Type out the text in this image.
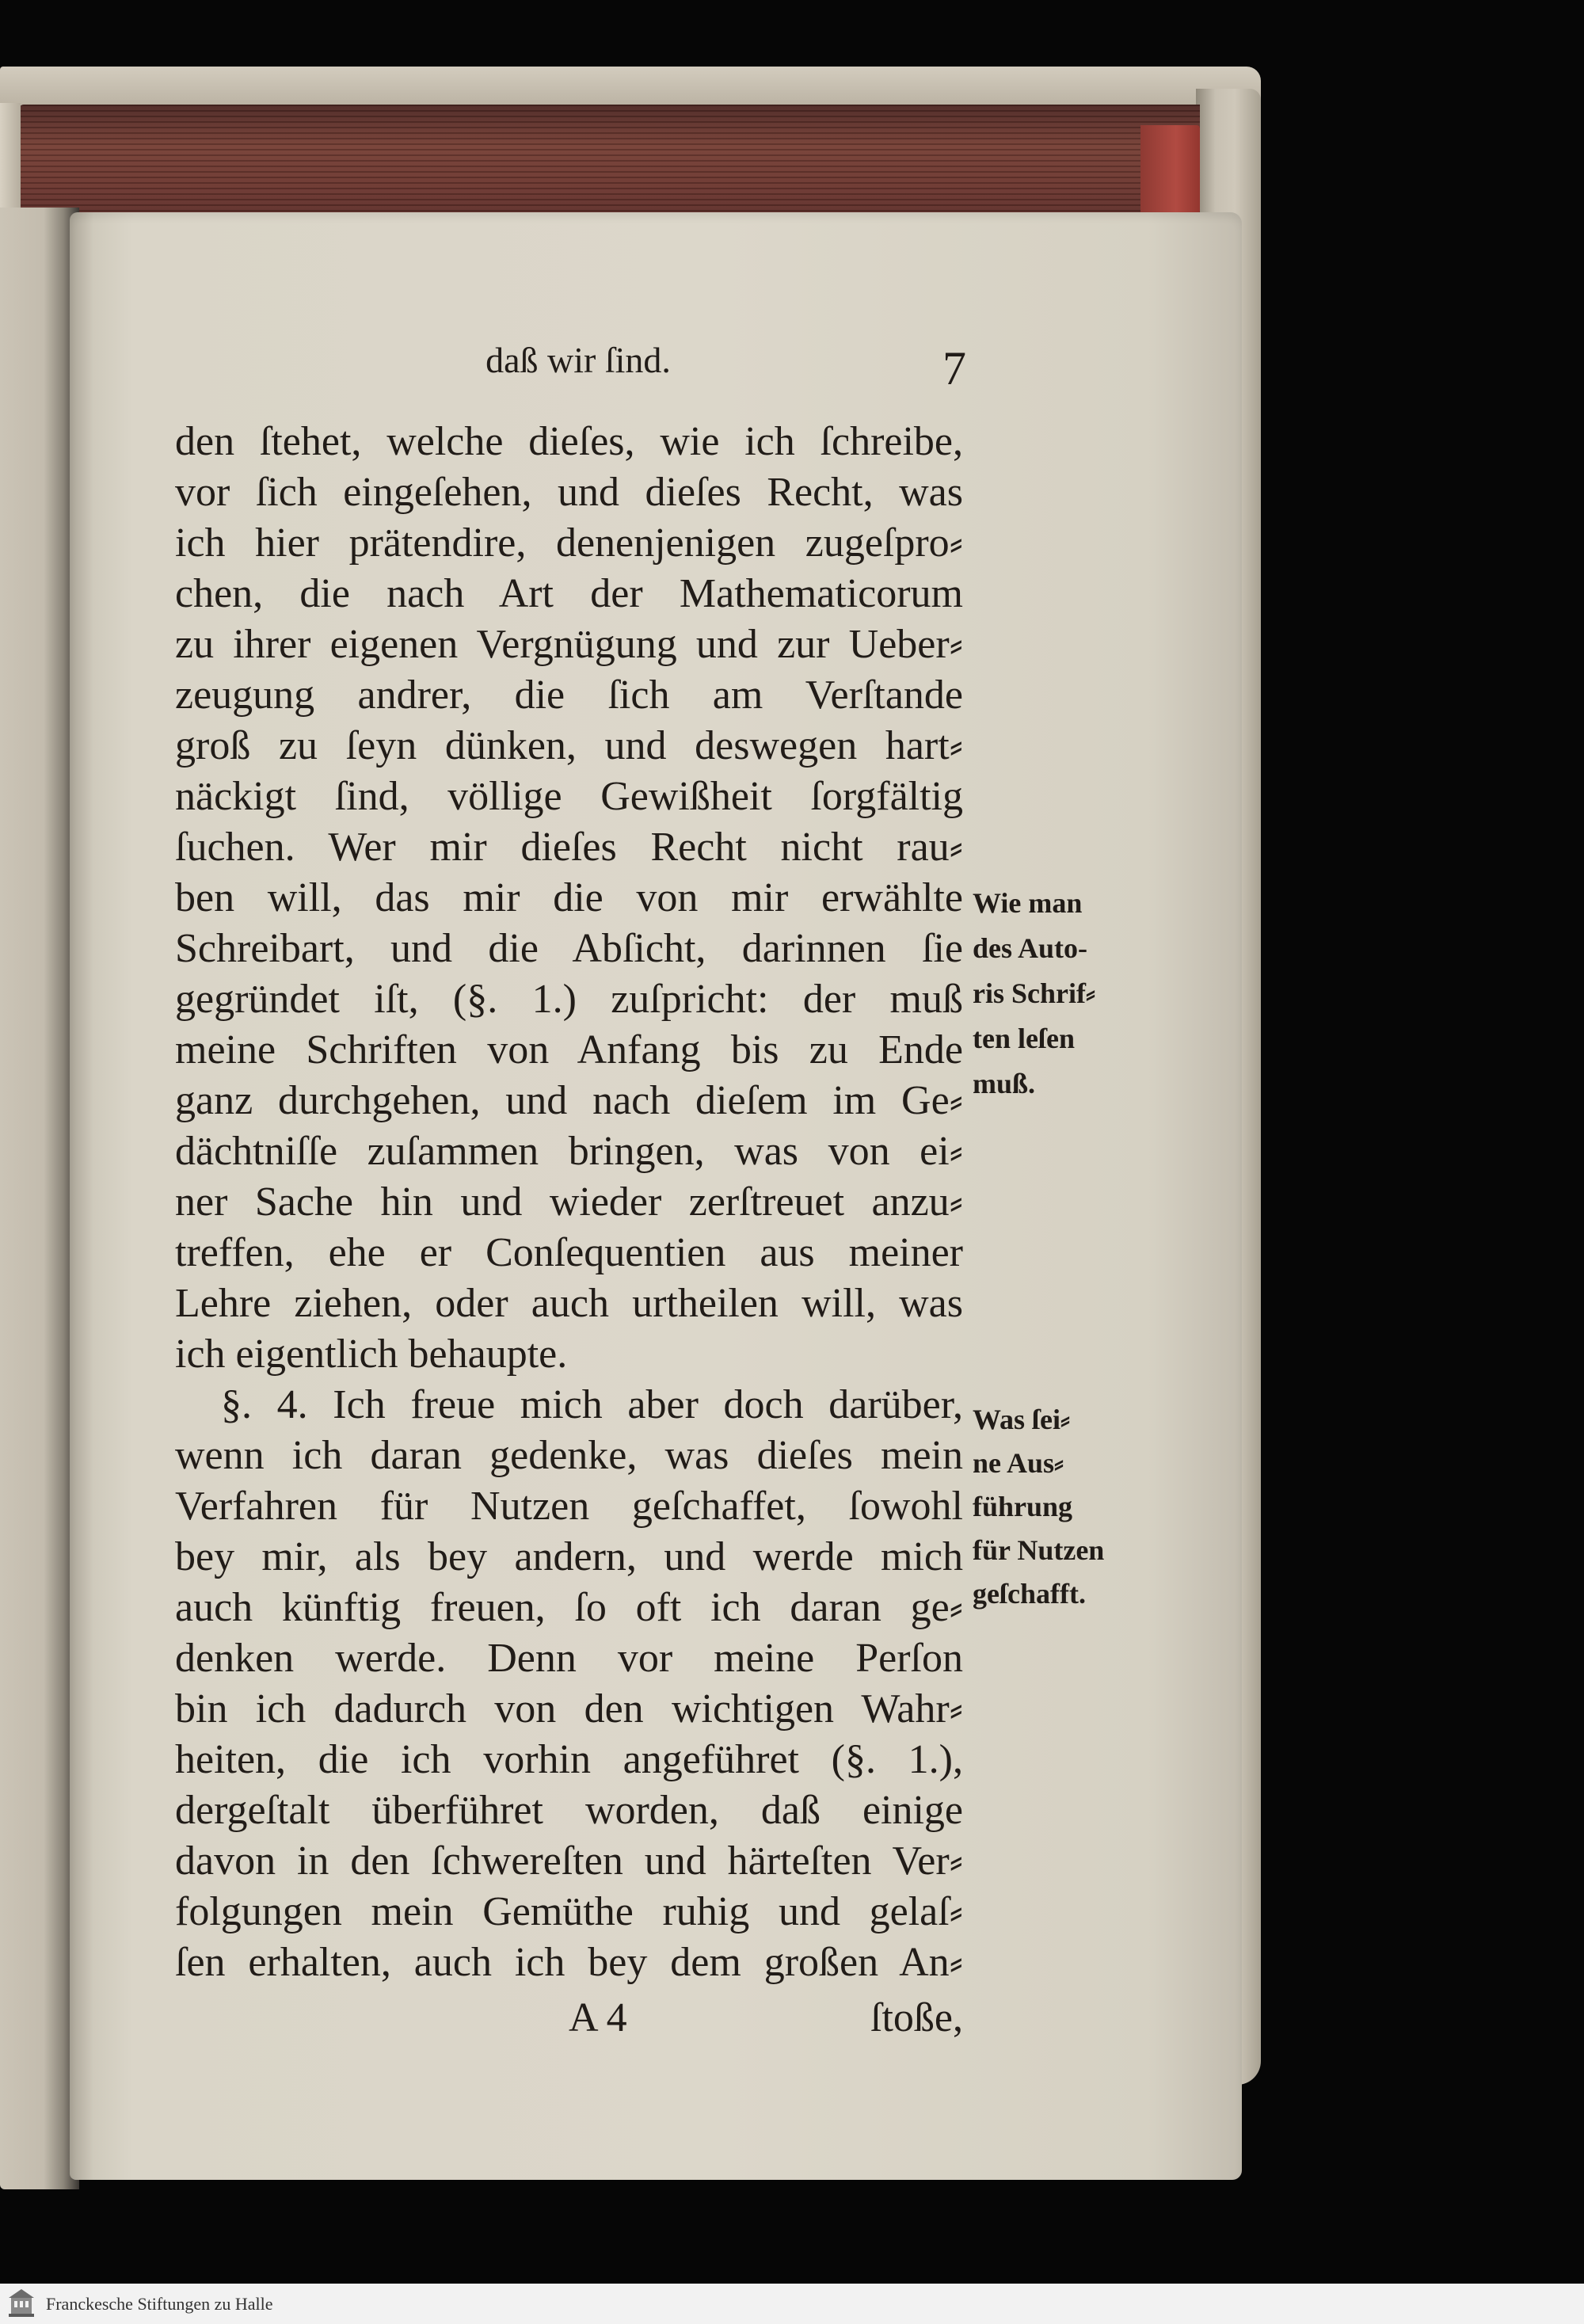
daß wir ſind.	7
den ſtehet, welche dieſes, wie ich ſchreibe,
vor ſich eingeſehen, und dieſes Recht, was
ich hier prätendire, denenjenigen zugeſpro⸗
chen, die nach Art der Mathematicorum
zu ihrer eigenen Vergnügung und zur Ueber⸗
zeugung andrer, die ſich am Verſtande
groß zu ſeyn dünken, und deswegen hart⸗
näckigt ſind, völlige Gewißheit ſorgfältig
ſuchen. Wer mir dieſes Recht nicht rau⸗
ben will, das mir die von mir erwählte
Schreibart, und die Abſicht, darinnen ſie
gegründet iſt, (§. 1.) zuſpricht: der muß
meine Schriften von Anfang bis zu Ende
ganz durchgehen, und nach dieſem im Ge⸗
dächtniſſe zuſammen bringen, was von ei⸗
ner Sache hin und wieder zerſtreuet anzu⸗
treffen, ehe er Conſequentien aus meiner
Lehre ziehen, oder auch urtheilen will, was
ich eigentlich behaupte.
§. 4. Ich freue mich aber doch darüber,
wenn ich daran gedenke, was dieſes mein
Verfahren für Nutzen geſchaffet, ſowohl
bey mir, als bey andern, und werde mich
auch künftig freuen, ſo oft ich daran ge⸗
denken werde. Denn vor meine Perſon
bin ich dadurch von den wichtigen Wahr⸗
heiten, die ich vorhin angeführet (§. 1.),
dergeſtalt überführet worden, daß einige
davon in den ſchwereſten und härteſten Ver⸗
folgungen mein Gemüthe ruhig und gelaſ⸗
ſen erhalten, auch ich bey dem großen An⸗
Wie man
des Auto-
ris Schrif⸗
ten leſen
muß.
Was ſei⸗
ne Aus⸗
führung
für Nutzen
geſchafft.
A 4	ſtoße,
Franckesche Stiftungen zu Halle
